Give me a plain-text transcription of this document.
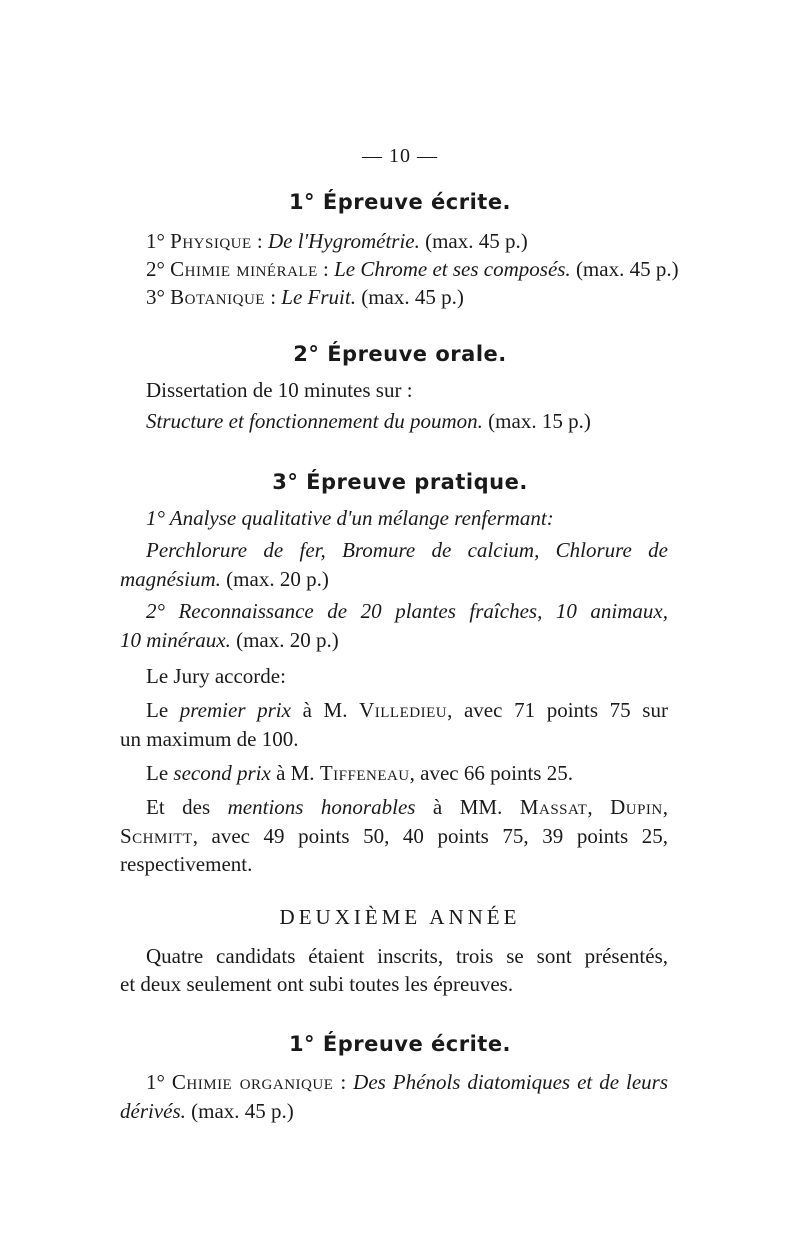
— 10 —
1° Épreuve écrite.
1° Physique : De l'Hygrométrie. (max. 45 p.)
2° Chimie minérale : Le Chrome et ses composés. (max. 45 p.)
3° Botanique : Le Fruit. (max. 45 p.)
2° Épreuve orale.
Dissertation de 10 minutes sur :
Structure et fonctionnement du poumon. (max. 15 p.)
3° Épreuve pratique.
1° Analyse qualitative d'un mélange renfermant:
Perchlorure de fer, Bromure de calcium, Chlorure de
magnésium. (max. 20 p.)
2° Reconnaissance de 20 plantes fraîches, 10 animaux,
10 minéraux. (max. 20 p.)
Le Jury accorde:
Le premier prix à M. Villedieu, avec 71 points 75 sur
un maximum de 100.
Le second prix à M. Tiffeneau, avec 66 points 25.
Et des mentions honorables à MM. Massat, Dupin,
Schmitt, avec 49 points 50, 40 points 75, 39 points 25,
respectivement.
DEUXIÈME ANNÉE
Quatre candidats étaient inscrits, trois se sont présentés,
et deux seulement ont subi toutes les épreuves.
1° Épreuve écrite.
1° Chimie organique : Des Phénols diatomiques et de leurs
dérivés. (max. 45 p.)
